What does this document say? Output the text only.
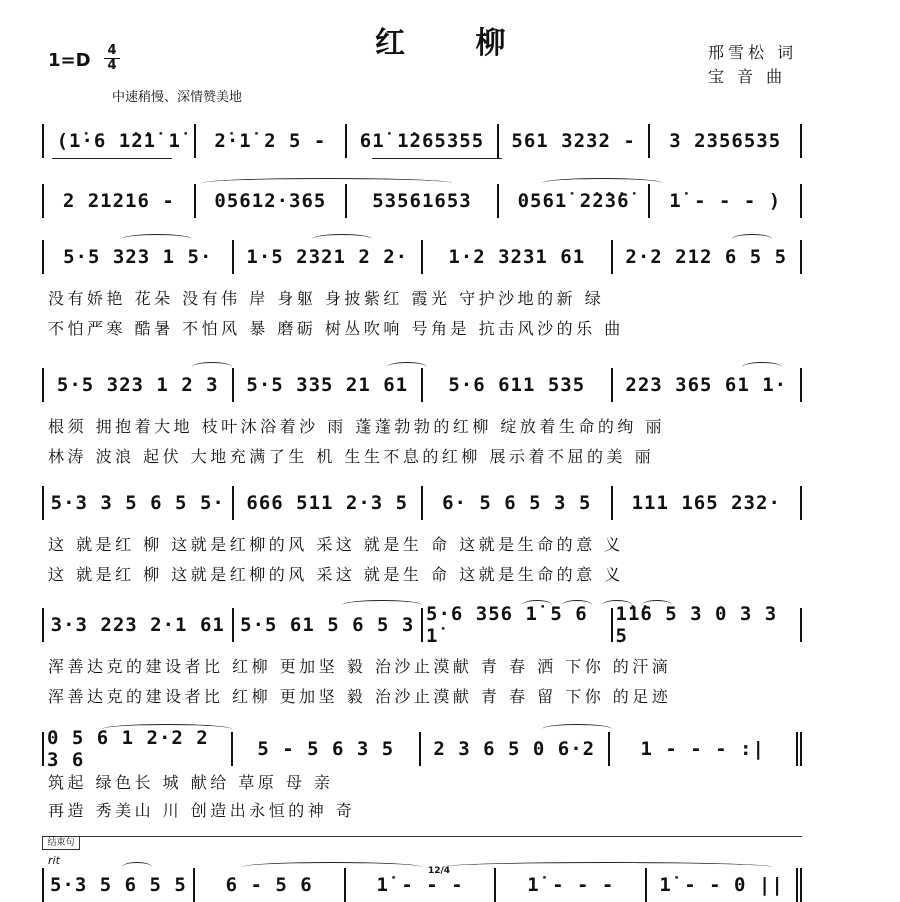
红 柳	邢雪松 词
宝 音 曲
1=D 4
4
中速稍慢、深情赞美地
(1̇·6 1̇2̇1̇ 1̇	2̇·1̇ 2 5 -	61̇ 1̇265355	561 3232 -	3 2356535
2 21216 -	05612·365	53561653	0561̇ 2̇2̇3̇6̇	1̇ - - - )
5·5 323 1 5·	1·5 2321 2 2·	1·2 3231 61	2·2 212 6 5 5
没有娇艳 花朵 没有伟 岸 身躯 身披紫红 霞光 守护沙地的新 绿
不怕严寒 酷暑 不怕风 暴 磨砺 树丛吹响 号角是 抗击风沙的乐 曲
5·5 323 1 2 3	5·5 335 21 61	5·6 611 535	223 365 61 1·
根须 拥抱着大地 枝叶沐浴着沙 雨 蓬蓬勃勃的红柳 绽放着生命的绚 丽
林涛 波浪 起伏 大地充满了生 机 生生不息的红柳 展示着不屈的美 丽
5·3 3 5 6 5 5·	666 511 2·3 5	6· 5 6 5 3 5	111 165 232·
这 就是红 柳 这就是红柳的风 采这 就是生 命 这就是生命的意 义
这 就是红 柳 这就是红柳的风 采这 就是生 命 这就是生命的意 义
3·3 223 2·1 61 5·5 61 5 6 5 3 5·6 356 1̇ 5 6 1̇
1̇1̇6 5 3 0 3 3 5
浑善达克的建设者比 红柳 更加坚 毅 治沙止漠献 青 春 洒 下你 的汗滴
浑善达克的建设者比 红柳 更加坚 毅 治沙止漠献 青 春 留 下你 的足迹
0 5 6 1 2·2 2 3 6	5 - 5 6 3 5	2 3 6 5 0 6·2	1 - - - :|
筑起 绿色长 城 献给 草原 母 亲
再造 秀美山 川 创造出永恒的神 奇
结束句
rit
12/4
5·3 5 6 5 5	6 - 5 6	1̇ - - -	1̇ - - -	1̇ - - 0 ||
